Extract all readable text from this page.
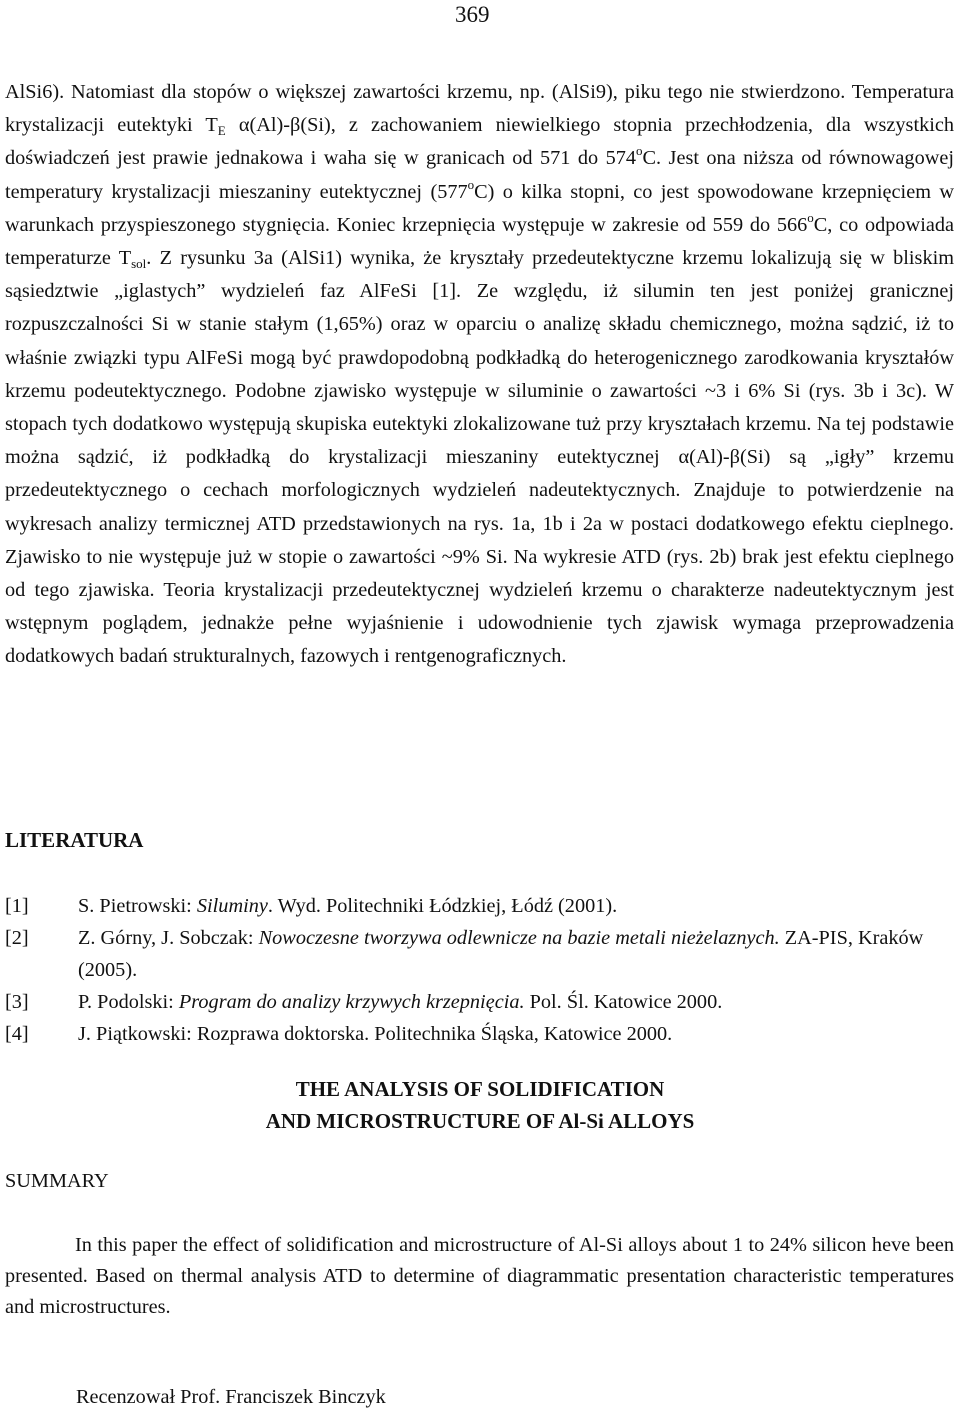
369
AlSi6). Natomiast dla stopów o większej zawartości krzemu, np. (AlSi9), piku tego nie stwierdzono. Temperatura krystalizacji eutektyki $T_E$ α(Al)-β(Si), z zachowaniem niewielkiego stopnia przechłodzenia, dla wszystkich doświadczeń jest prawie jednakowa i waha się w granicach od 571 do 574$^o$C. Jest ona niższa od równowagowej temperatury krystalizacji mieszaniny eutektycznej (577$^o$C) o kilka stopni, co jest spowodowane krzepnięciem w warunkach przyspieszonego stygnięcia. Koniec krzepnięcia występuje w zakresie od 559 do 566$^o$C, co odpowiada temperaturze $T_{sol}$. Z rysunku 3a (AlSi1) wynika, że kryształy przedeutektyczne krzemu lokalizują się w bliskim sąsiedztwie „iglastych” wydzieleń faz AlFeSi [1]. Ze względu, iż silumin ten jest poniżej granicznej rozpuszczalności Si w stanie stałym (1,65%) oraz w oparciu o analizę składu chemicznego, można sądzić, iż to właśnie związki typu AlFeSi mogą być prawdopodobną podkładką do heterogenicznego zarodkowania kryształów krzemu podeutektycznego. Podobne zjawisko występuje w siluminie o zawartości ~3 i 6% Si (rys. 3b i 3c). W stopach tych dodatkowo występują skupiska eutektyki zlokalizowane tuż przy kryształach krzemu. Na tej podstawie można sądzić, iż podkładką do krystalizacji mieszaniny eutektycznej α(Al)-β(Si) są „igły” krzemu przedeutektycznego o cechach morfologicznych wydzieleń nadeutektycznych. Znajduje to potwierdzenie na wykresach analizy termicznej ATD przedstawionych na rys. 1a, 1b i 2a w postaci dodatkowego efektu cieplnego. Zjawisko to nie występuje już w stopie o zawartości ~9% Si. Na wykresie ATD (rys. 2b) brak jest efektu cieplnego od tego zjawiska. Teoria krystalizacji przedeutektycznej wydzieleń krzemu o charakterze nadeutektycznym jest wstępnym poglądem, jednakże pełne wyjaśnienie i udowodnienie tych zjawisk wymaga przeprowadzenia dodatkowych badań strukturalnych, fazowych i rentgenograficznych.
LITERATURA
[1]	S. Pietrowski: Siluminy. Wyd. Politechniki Łódzkiej, Łódź (2001).
[2]	Z. Górny, J. Sobczak: Nowoczesne tworzywa odlewnicze na bazie metali nieżelaznych. ZA-PIS, Kraków (2005).
[3]	P. Podolski: Program do analizy krzywych krzepnięcia. Pol. Śl. Katowice 2000.
[4]	J. Piątkowski: Rozprawa doktorska. Politechnika Śląska, Katowice 2000.
THE ANALYSIS OF SOLIDIFICATION
AND MICROSTRUCTURE OF Al-Si ALLOYS
SUMMARY
In this paper the effect of solidification and microstructure of Al-Si alloys about 1 to 24% silicon heve been presented. Based on thermal analysis ATD to determine of diagrammatic presentation characteristic temperatures and microstructures.
Recenzował Prof. Franciszek Binczyk
